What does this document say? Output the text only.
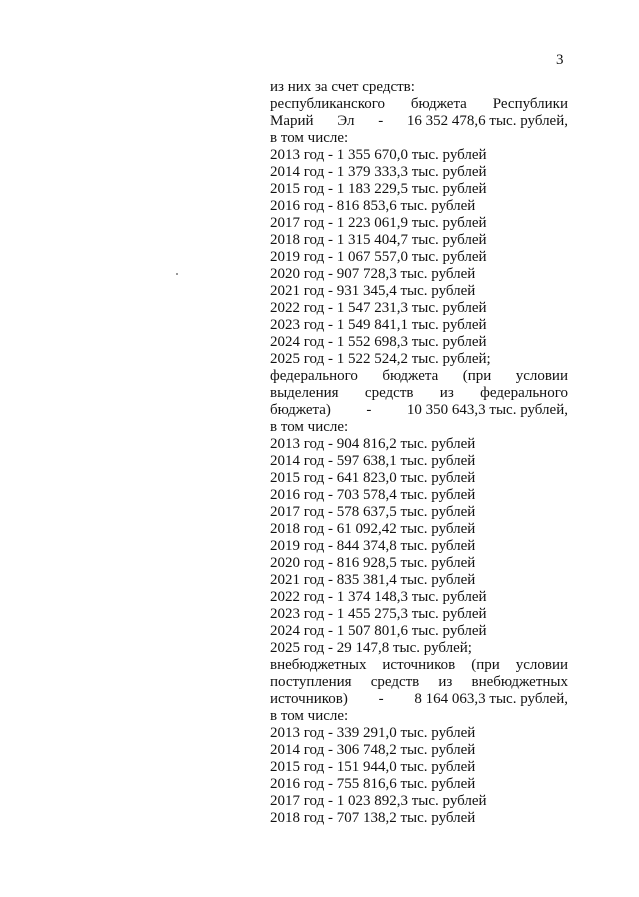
3
из них за счет средств:
республиканского бюджета Республики
Марий Эл - 16 352 478,6 тыс. рублей,
в том числе:
2013 год - 1 355 670,0 тыс. рублей
2014 год - 1 379 333,3 тыс. рублей
2015 год - 1 183 229,5 тыс. рублей
2016 год - 816 853,6 тыс. рублей
2017 год - 1 223 061,9 тыс. рублей
2018 год - 1 315 404,7 тыс. рублей
2019 год - 1 067 557,0 тыс. рублей
2020 год - 907 728,3 тыс. рублей
2021 год - 931 345,4 тыс. рублей
2022 год - 1 547 231,3 тыс. рублей
2023 год - 1 549 841,1 тыс. рублей
2024 год - 1 552 698,3 тыс. рублей
2025 год - 1 522 524,2 тыс. рублей;
федерального бюджета (при условии
выделения средств из федерального
бюджета) - 10 350 643,3 тыс. рублей,
в том числе:
2013 год - 904 816,2 тыс. рублей
2014 год - 597 638,1 тыс. рублей
2015 год - 641 823,0 тыс. рублей
2016 год - 703 578,4 тыс. рублей
2017 год - 578 637,5 тыс. рублей
2018 год - 61 092,42 тыс. рублей
2019 год - 844 374,8 тыс. рублей
2020 год - 816 928,5 тыс. рублей
2021 год - 835 381,4 тыс. рублей
2022 год - 1 374 148,3 тыс. рублей
2023 год - 1 455 275,3 тыс. рублей
2024 год - 1 507 801,6 тыс. рублей
2025 год - 29 147,8 тыс. рублей;
внебюджетных источников (при условии
поступления средств из внебюджетных
источников) - 8 164 063,3 тыс. рублей,
в том числе:
2013 год - 339 291,0 тыс. рублей
2014 год - 306 748,2 тыс. рублей
2015 год - 151 944,0 тыс. рублей
2016 год - 755 816,6 тыс. рублей
2017 год - 1 023 892,3 тыс. рублей
2018 год - 707 138,2 тыс. рублей
